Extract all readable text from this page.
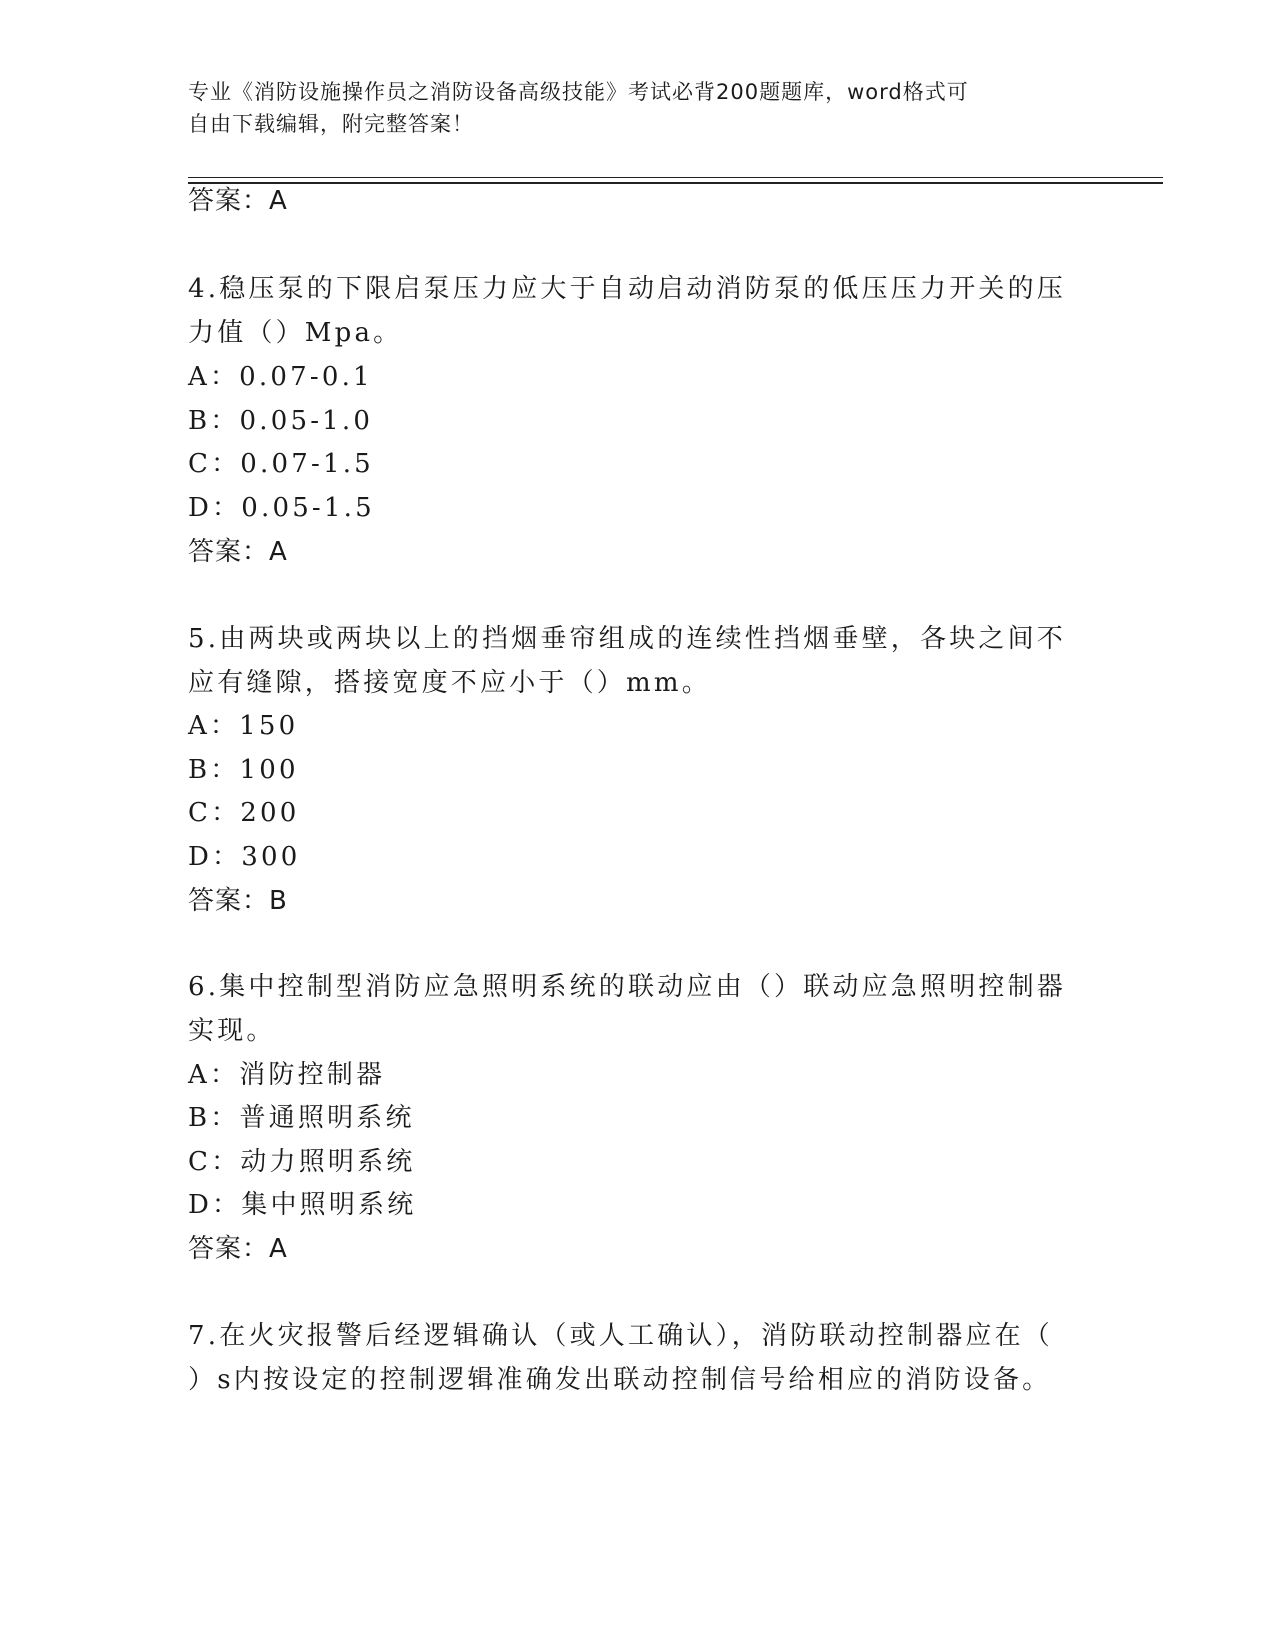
专业《消防设施操作员之消防设备高级技能》考试必背200题题库，word格式可
自由下载编辑，附完整答案！
答案：A
4.稳压泵的下限启泵压力应大于自动启动消防泵的低压压力开关的压
力值（）Mpa。
A：0.07-0.1
B：0.05-1.0
C：0.07-1.5
D：0.05-1.5
答案：A
5.由两块或两块以上的挡烟垂帘组成的连续性挡烟垂壁，各块之间不
应有缝隙，搭接宽度不应小于（）mm。
A：150
B：100
C：200
D：300
答案：B
6.集中控制型消防应急照明系统的联动应由（）联动应急照明控制器
实现。
A：消防控制器
B：普通照明系统
C：动力照明系统
D：集中照明系统
答案：A
7.在火灾报警后经逻辑确认（或人工确认），消防联动控制器应在（
）s内按设定的控制逻辑准确发出联动控制信号给相应的消防设备。
